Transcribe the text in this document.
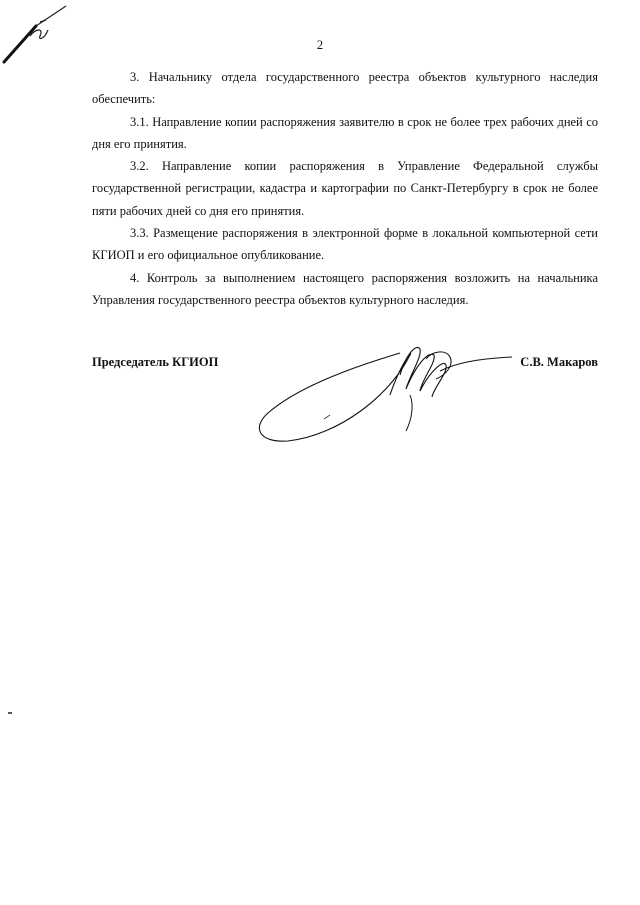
2

3. Начальнику отдела государственного реестра объектов культурного наследия обеспечить:

3.1. Направление копии распоряжения заявителю в срок не более трех рабочих дней со дня его принятия.

3.2. Направление копии распоряжения в Управление Федеральной службы государственной регистрации, кадастра и картографии по Санкт-Петербургу в срок не более пяти рабочих дней со дня его принятия.

3.3. Размещение распоряжения в электронной форме в локальной компьютерной сети КГИОП и его официальное опубликование.

4. Контроль за выполнением настоящего распоряжения возложить на начальника Управления государственного реестра объектов культурного наследия.

Председатель КГИОП	С.В. Макаров
